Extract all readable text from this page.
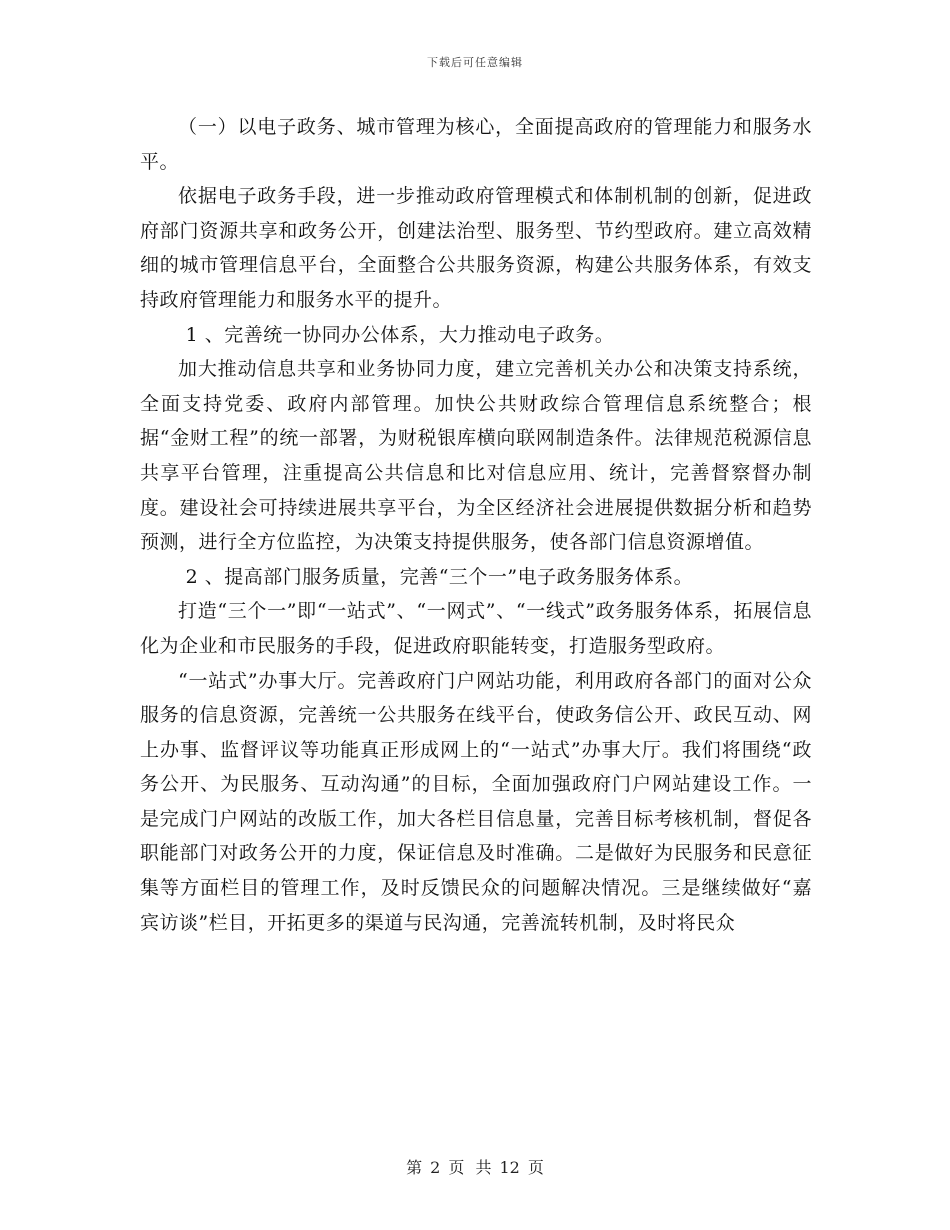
下载后可任意编辑

（一）以电子政务、城市管理为核心，全面提高政府的管理能力和服务水平。

依据电子政务手段，进一步推动政府管理模式和体制机制的创新，促进政府部门资源共享和政务公开，创建法治型、服务型、节约型政府。建立高效精细的城市管理信息平台，全面整合公共服务资源，构建公共服务体系，有效支持政府管理能力和服务水平的提升。

1 、完善统一协同办公体系，大力推动电子政务。

加大推动信息共享和业务协同力度，建立完善机关办公和决策支持系统，全面支持党委、政府内部管理。加快公共财政综合管理信息系统整合；根据“金财工程”的统一部署，为财税银库横向联网制造条件。法律规范税源信息共享平台管理，注重提高公共信息和比对信息应用、统计，完善督察督办制度。建设社会可持续进展共享平台，为全区经济社会进展提供数据分析和趋势预测，进行全方位监控，为决策支持提供服务，使各部门信息资源增值。

2 、提高部门服务质量，完善“三个一”电子政务服务体系。

打造“三个一”即“一站式”、“一网式”、“一线式”政务服务体系，拓展信息化为企业和市民服务的手段，促进政府职能转变，打造服务型政府。

“一站式”办事大厅。完善政府门户网站功能，利用政府各部门的面对公众服务的信息资源，完善统一公共服务在线平台，使政务信公开、政民互动、网上办事、监督评议等功能真正形成网上的“一站式”办事大厅。我们将围绕“政务公开、为民服务、互动沟通”的目标，全面加强政府门户网站建设工作。一是完成门户网站的改版工作，加大各栏目信息量，完善目标考核机制，督促各职能部门对政务公开的力度，保证信息及时准确。二是做好为民服务和民意征集等方面栏目的管理工作，及时反馈民众的问题解决情况。三是继续做好“嘉宾访谈”栏目，开拓更多的渠道与民沟通，完善流转机制，及时将民众

第 2 页 共 12 页
